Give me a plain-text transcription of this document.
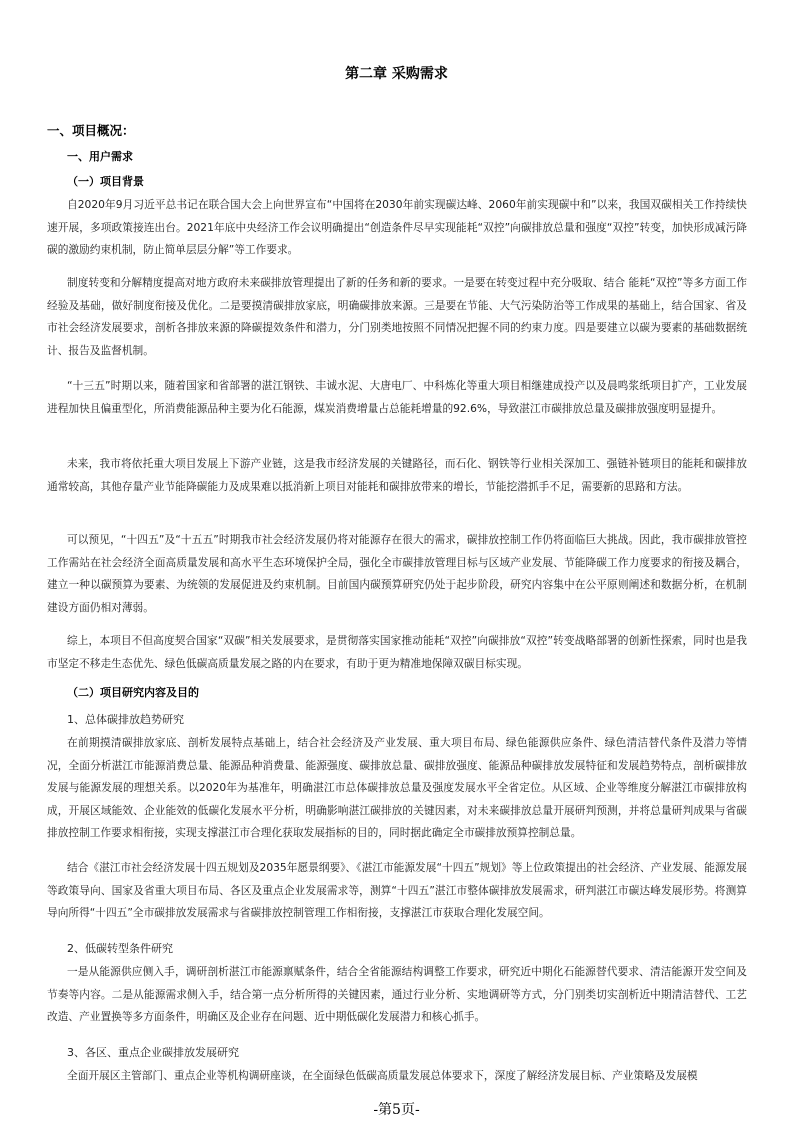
第二章 采购需求
一、项目概况：
一、用户需求
（一）项目背景

自2020年9月习近平总书记在联合国大会上向世界宣布“中国将在2030年前实现碳达峰、2060年前实现碳中和”以来，我国双碳相关工作持续快速开展，多项政策接连出台。2021年底中央经济工作会议明确提出“创造条件尽早实现能耗“双控”向碳排放总量和强度“双控”转变，加快形成减污降碳的激励约束机制，防止简单层层分解”等工作要求。

制度转变和分解精度提高对地方政府未来碳排放管理提出了新的任务和新的要求。一是要在转变过程中充分吸取、结合 能耗“双控”等多方面工作经验及基础，做好制度衔接及优化。二是要摸清碳排放家底，明确碳排放来源。三是要在节能、大气污染防治等工作成果的基础上，结合国家、省及市社会经济发展要求，剖析各排放来源的降碳提效条件和潜力，分门别类地按照不同情况把握不同的约束力度。四是要建立以碳为要素的基础数据统计、报告及监督机制。

“十三五”时期以来，随着国家和省部署的湛江钢铁、丰诚水泥、大唐电厂、中科炼化等重大项目相继建成投产以及晨鸣浆纸项目扩产，工业发展进程加快且偏重型化，所消费能源品种主要为化石能源，煤炭消费增量占总能耗增量的92.6%，导致湛江市碳排放总量及碳排放强度明显提升。

未来，我市将依托重大项目发展上下游产业链，这是我市经济发展的关键路径，而石化、钢铁等行业相关深加工、强链补链项目的能耗和碳排放通常较高，其他存量产业节能降碳能力及成果难以抵消新上项目对能耗和碳排放带来的增长，节能挖潜抓手不足，需要新的思路和方法。

可以预见，“十四五”及“十五五”时期我市社会经济发展仍将对能源存在很大的需求，碳排放控制工作仍将面临巨大挑战。因此，我市碳排放管控工作需站在社会经济全面高质量发展和高水平生态环境保护全局，强化全市碳排放管理目标与区域产业发展、节能降碳工作力度要求的衔接及耦合，建立一种以碳预算为要素、为统领的发展促进及约束机制。目前国内碳预算研究仍处于起步阶段，研究内容集中在公平原则阐述和数据分析，在机制建设方面仍相对薄弱。

综上，本项目不但高度契合国家“双碳”相关发展要求，是贯彻落实国家推动能耗“双控”向碳排放“双控”转变战略部署的创新性探索，同时也是我市坚定不移走生态优先、绿色低碳高质量发展之路的内在要求，有助于更为精准地保障双碳目标实现。

（二）项目研究内容及目的
1、总体碳排放趋势研究

在前期摸清碳排放家底、剖析发展特点基础上，结合社会经济及产业发展、重大项目布局、绿色能源供应条件、绿色清洁替代条件及潜力等情况，全面分析湛江市能源消费总量、能源品种消费量、能源强度、碳排放总量、碳排放强度、能源品种碳排放发展特征和发展趋势特点，剖析碳排放发展与能源发展的理想关系。以2020年为基准年，明确湛江市总体碳排放总量及强度发展水平全省定位。从区域、企业等维度分解湛江市碳排放构成，开展区域能效、企业能效的低碳化发展水平分析，明确影响湛江碳排放的关键因素，对未来碳排放总量开展研判预测，并将总量研判成果与省碳排放控制工作要求相衔接，实现支撑湛江市合理化获取发展指标的目的，同时据此确定全市碳排放预算控制总量。

结合《湛江市社会经济发展十四五规划及2035年愿景纲要》、《湛江市能源发展“十四五”规划》等上位政策提出的社会经济、产业发展、能源发展等政策导向、国家及省重大项目布局、各区及重点企业发展需求等，测算“十四五”湛江市整体碳排放发展需求，研判湛江市碳达峰发展形势。将测算导向所得“十四五”全市碳排放发展需求与省碳排放控制管理工作相衔接，支撑湛江市获取合理化发展空间。

2、低碳转型条件研究

一是从能源供应侧入手，调研剖析湛江市能源禀赋条件，结合全省能源结构调整工作要求，研究近中期化石能源替代要求、清洁能源开发空间及节奏等内容。二是从能源需求侧入手，结合第一点分析所得的关键因素，通过行业分析、实地调研等方式，分门别类切实剖析近中期清洁替代、工艺改造、产业置换等多方面条件，明确区及企业存在问题、近中期低碳化发展潜力和核心抓手。

3、各区、重点企业碳排放发展研究

全面开展区主管部门、重点企业等机构调研座谈，在全面绿色低碳高质量发展总体要求下，深度了解经济发展目标、产业策略及发展模

-第5页-
